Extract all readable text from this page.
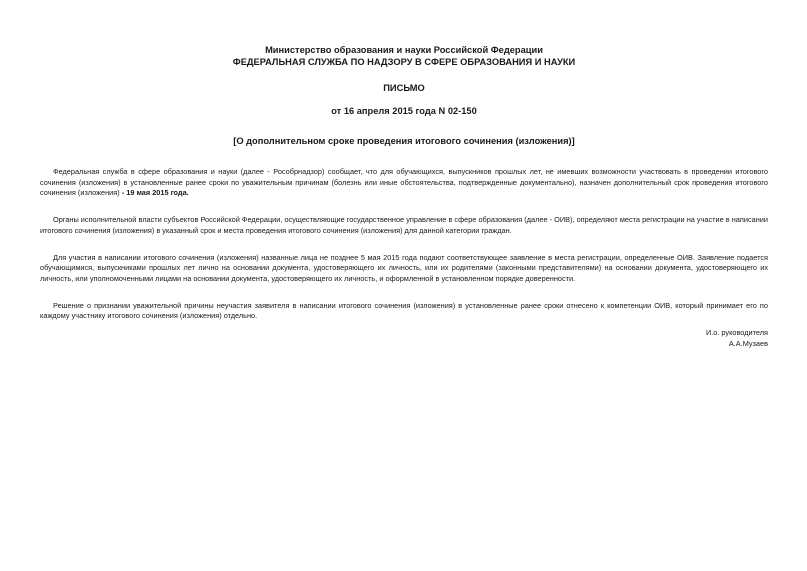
Министерство образования и науки Российской Федерации
ФЕДЕРАЛЬНАЯ СЛУЖБА ПО НАДЗОРУ В СФЕРЕ ОБРАЗОВАНИЯ И НАУКИ
ПИСЬМО
от 16 апреля 2015 года N 02-150
[О дополнительном сроке проведения итогового сочинения (изложения)]

Федеральная служба в сфере образования и науки (далее - Рособрнадзор) сообщает, что для обучающихся, выпускников прошлых лет, не имевших возможности участвовать в проведении итогового сочинения (изложения) в установленные ранее сроки по уважительным причинам (болезнь или иные обстоятельства, подтвержденные документально), назначен дополнительный срок проведения итогового сочинения (изложения) - 19 мая 2015 года.

Органы исполнительной власти субъектов Российской Федерации, осуществляющие государственное управление в сфере образования (далее - ОИВ), определяют места регистрации на участие в написании итогового сочинения (изложения) в указанный срок и места проведения итогового сочинения (изложения) для данной категории граждан.

Для участия в написании итогового сочинения (изложения) названные лица не позднее 5 мая 2015 года подают соответствующее заявление в места регистрации, определенные ОИВ. Заявление подается обучающимися, выпускниками прошлых лет лично на основании документа, удостоверяющего их личность, или их родителями (законными представителями) на основании документа, удостоверяющего их личность, или уполномоченными лицами на основании документа, удостоверяющего их личность, и оформленной в установленном порядке доверенности.

Решение о признании уважительной причины неучастия заявителя в написании итогового сочинения (изложения) в установленные ранее сроки отнесено к компетенции ОИВ, который принимает его по каждому участнику итогового сочинения (изложения) отдельно.

И.о. руководителя
А.А.Музаев
